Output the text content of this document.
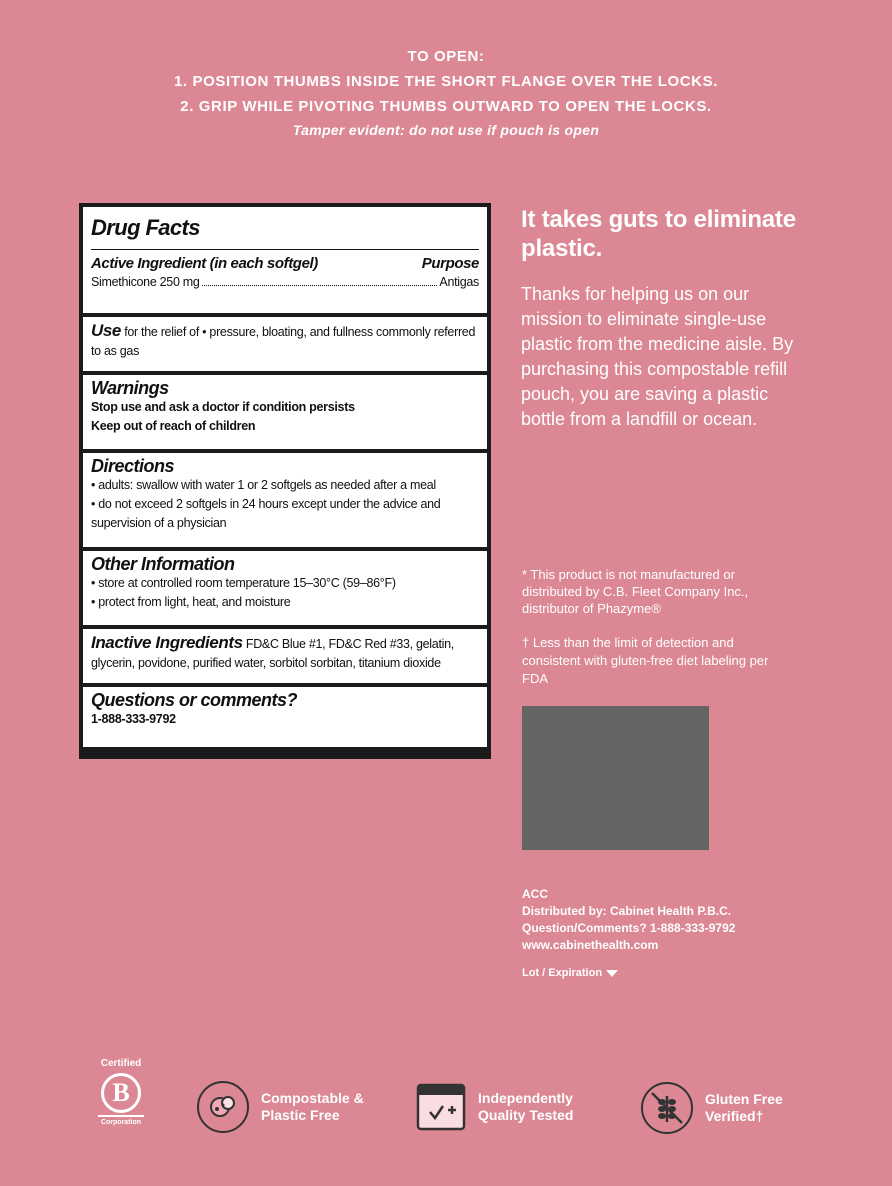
TO OPEN:
1. POSITION THUMBS INSIDE THE SHORT FLANGE OVER THE LOCKS.
2. GRIP WHILE PIVOTING THUMBS OUTWARD TO OPEN THE LOCKS.
Tamper evident: do not use if pouch is open
Drug Facts
Active Ingredient (in each softgel)	Purpose
Simethicone 250 mg	Antigas
Use for the relief of • pressure, bloating, and fullness commonly referred to as gas
Warnings
Stop use and ask a doctor if condition persists
Keep out of reach of children
Directions
• adults: swallow with water 1 or 2 softgels as needed after a meal
• do not exceed 2 softgels in 24 hours except under the advice and supervision of a physician
Other Information
• store at controlled room temperature 15–30°C (59–86°F)
• protect from light, heat, and moisture
Inactive Ingredients FD&C Blue #1, FD&C Red #33, gelatin, glycerin, povidone, purified water, sorbitol sorbitan, titanium dioxide
Questions or comments?
1-888-333-9792
It takes guts to eliminate plastic.
Thanks for helping us on our mission to eliminate single-use plastic from the medicine aisle. By purchasing this compostable refill pouch, you are saving a plastic bottle from a landfill or ocean.
* This product is not manufactured or distributed by C.B. Fleet Company Inc., distributor of Phazyme®
† Less than the limit of detection and consistent with gluten-free diet labeling per FDA
ACC
Distributed by: Cabinet Health P.B.C.
Question/Comments? 1-888-333-9792
www.cabinethealth.com
Lot / Expiration
Certified
B
Corporation
Compostable & Plastic Free
Independently Quality Tested
Gluten Free Verified†
